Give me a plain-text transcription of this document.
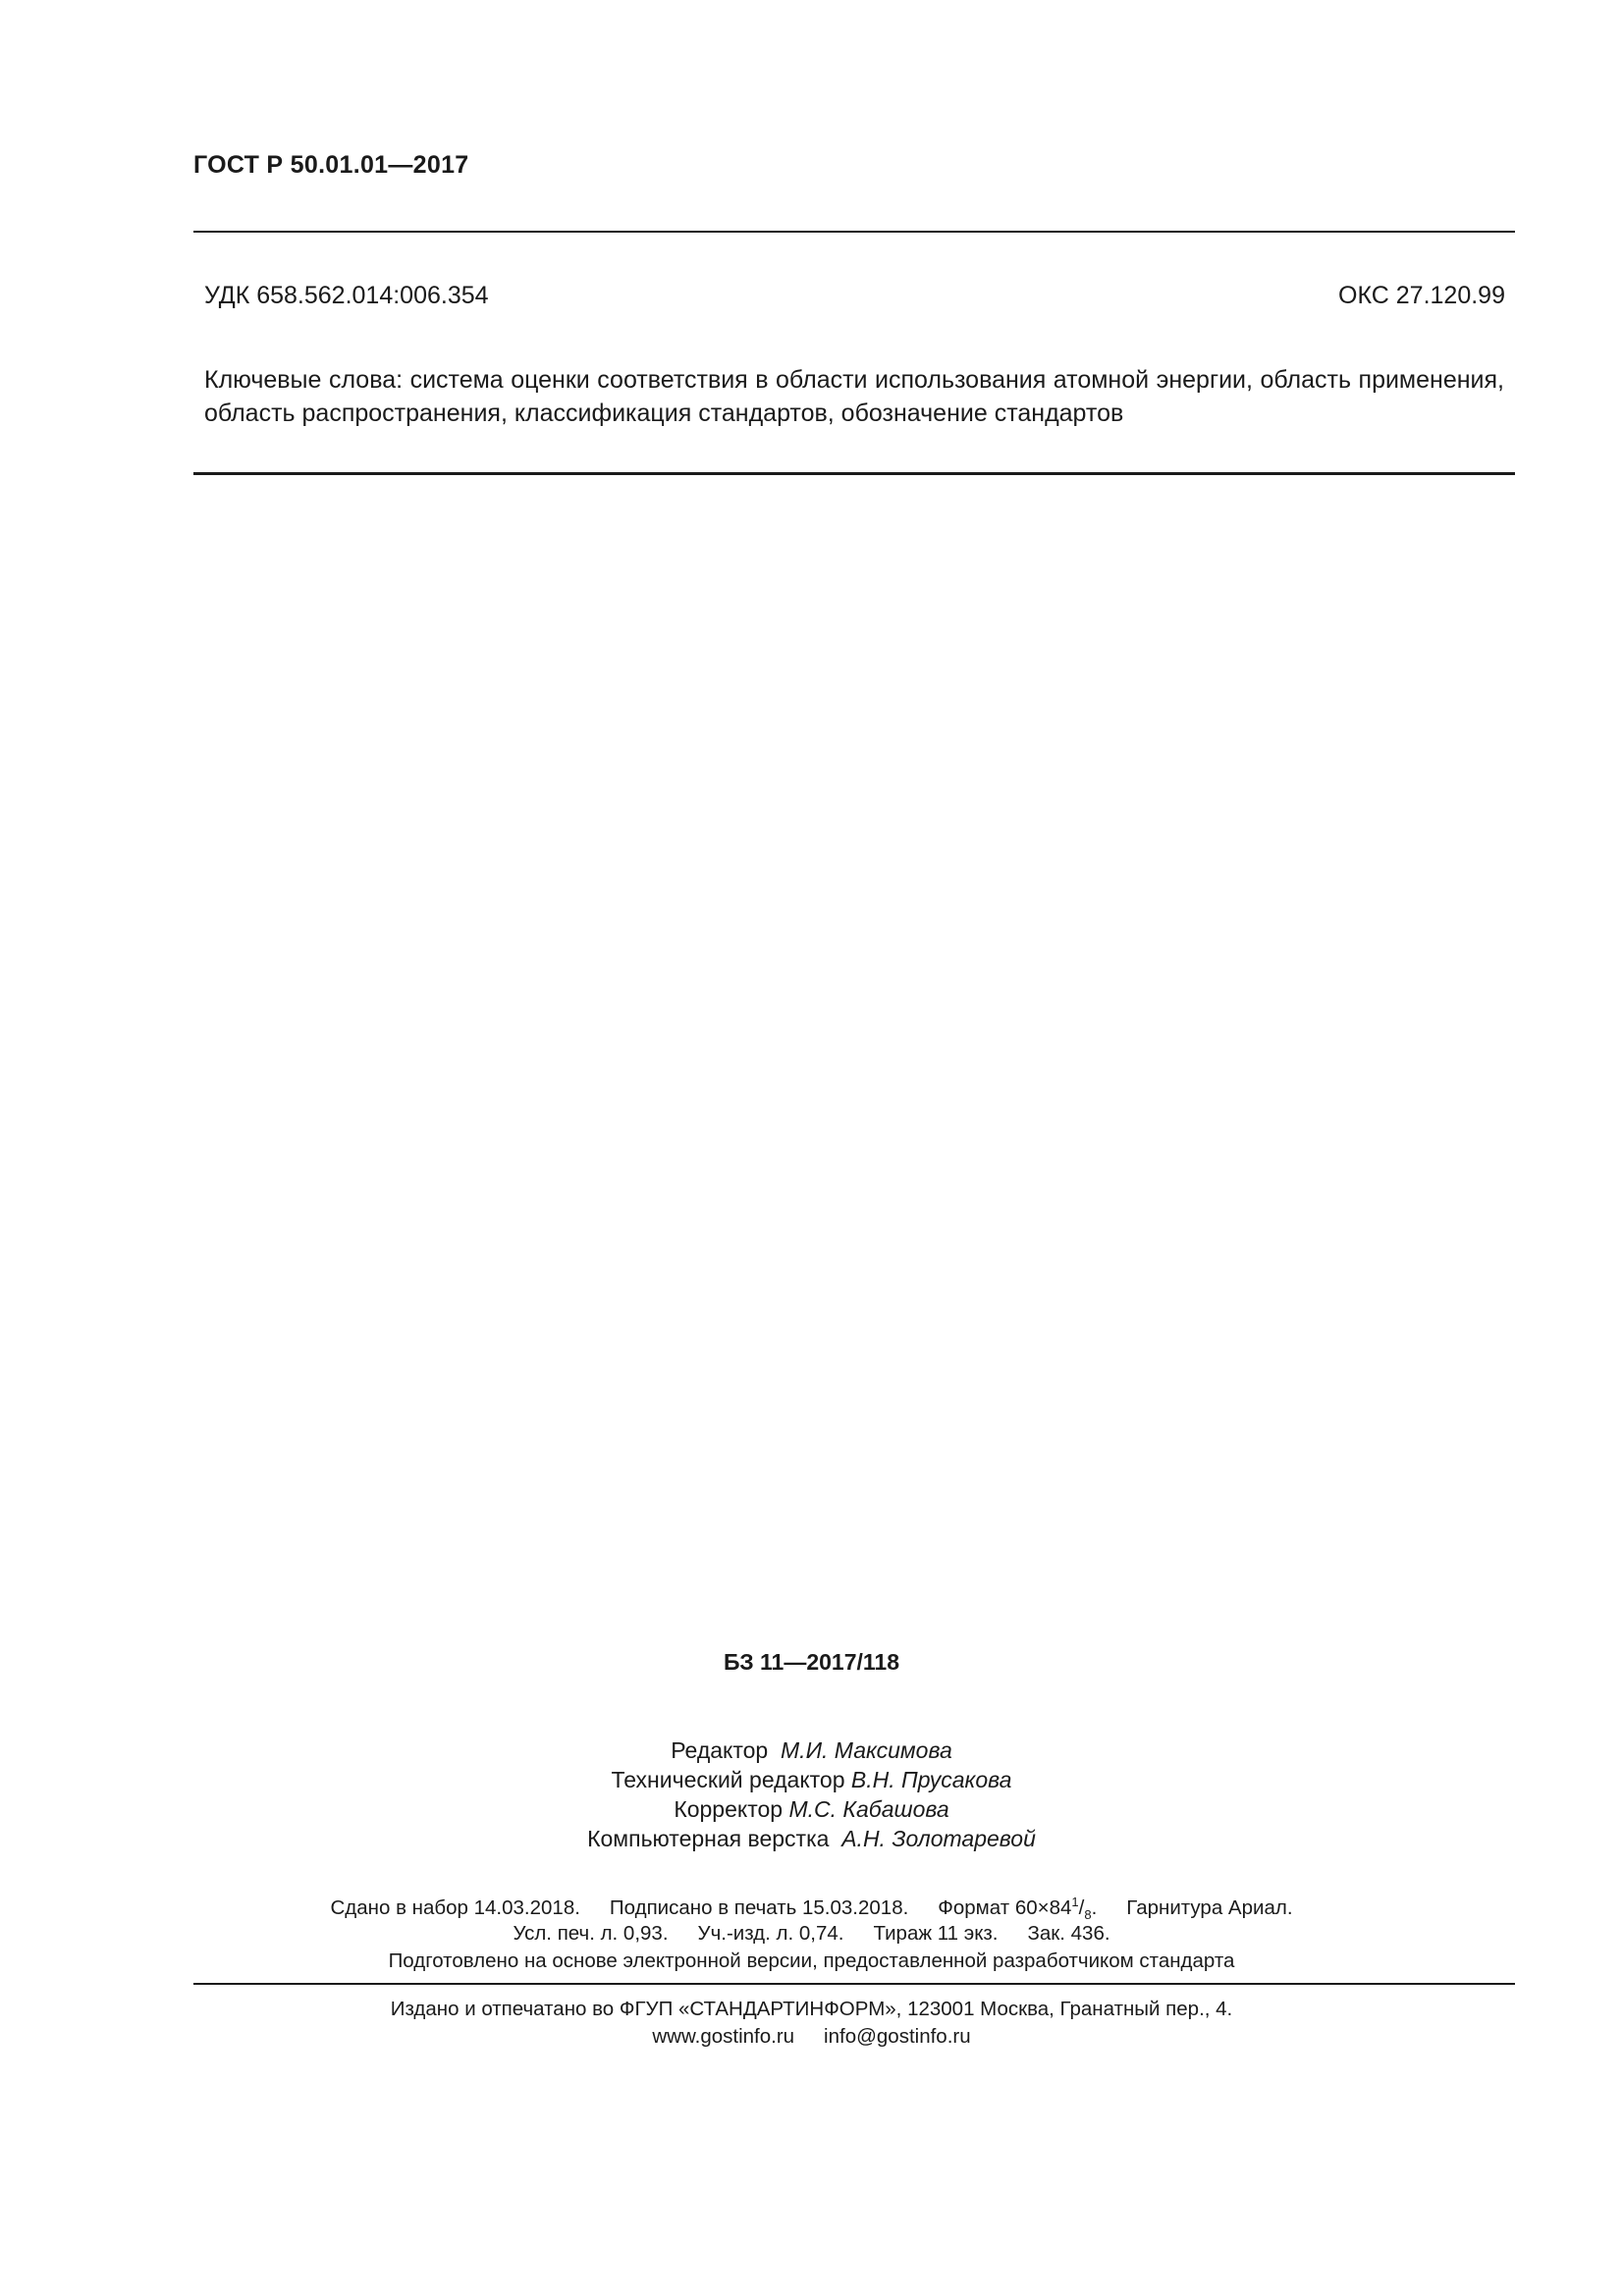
ГОСТ Р 50.01.01—2017
УДК 658.562.014:006.354	ОКС 27.120.99
Ключевые слова: система оценки соответствия в области использования атомной энергии, область применения, область распространения, классификация стандартов, обозначение стандартов
БЗ 11—2017/118
Редактор М.И. Максимова
Технический редактор В.Н. Прусакова
Корректор М.С. Кабашова
Компьютерная верстка А.Н. Золотаревой
Сдано в набор 14.03.2018. Подписано в печать 15.03.2018. Формат $60\times 84^1/_8$. Гарнитура Ариал.
Усл. печ. л. 0,93. Уч.-изд. л. 0,74. Тираж 11 экз. Зак. 436.
Подготовлено на основе электронной версии, предоставленной разработчиком стандарта
Издано и отпечатано во ФГУП «СТАНДАРТИНФОРМ», 123001 Москва, Гранатный пер., 4.
www.gostinfo.ru info@gostinfo.ru
